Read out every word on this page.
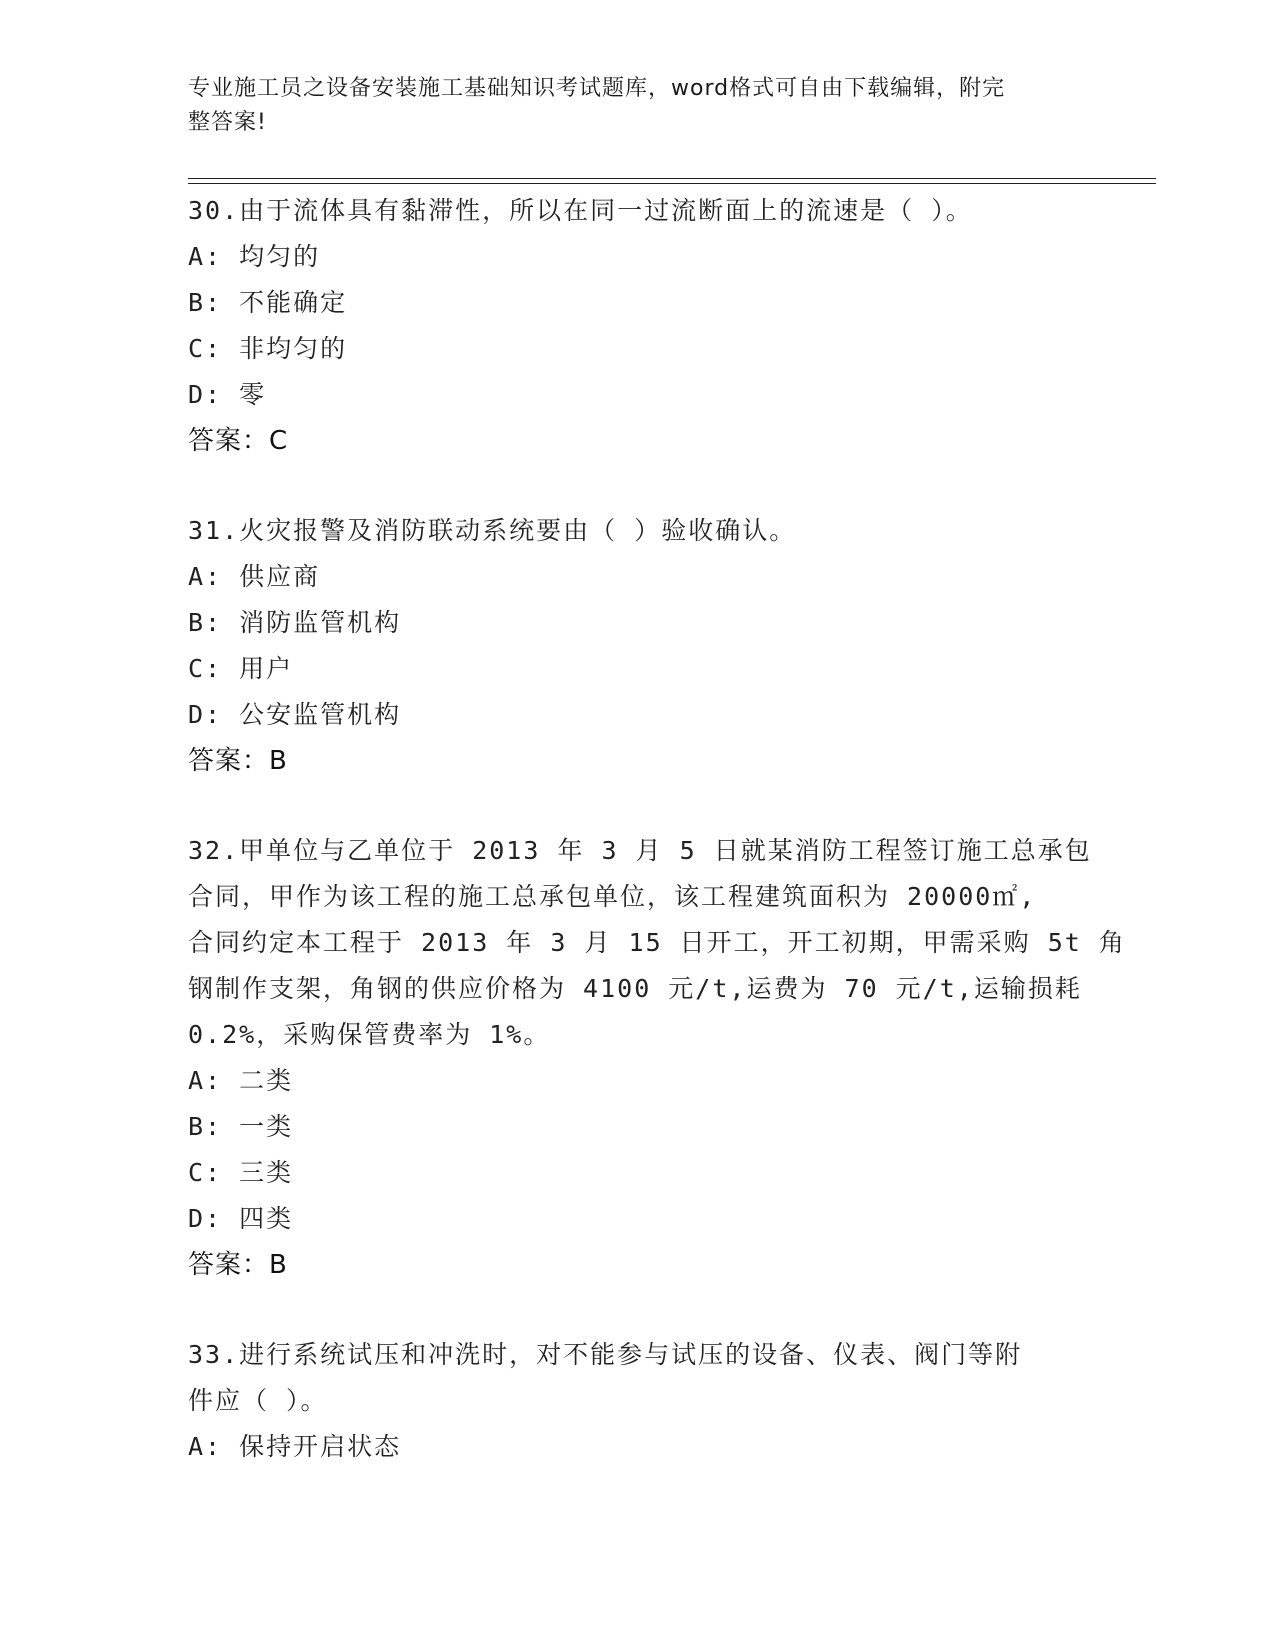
专业施工员之设备安装施工基础知识考试题库，word格式可自由下载编辑，附完
整答案!
30.由于流体具有黏滞性，所以在同一过流断面上的流速是（ ）。
A: 均匀的
B: 不能确定
C: 非均匀的
D: 零
答案：C
31.火灾报警及消防联动系统要由（ ）验收确认。
A: 供应商
B: 消防监管机构
C: 用户
D: 公安监管机构
答案：B
32.甲单位与乙单位于 2013 年 3 月 5 日就某消防工程签订施工总承包
合同，甲作为该工程的施工总承包单位，该工程建筑面积为 20000㎡,
合同约定本工程于 2013 年 3 月 15 日开工，开工初期，甲需采购 5t 角
钢制作支架，角钢的供应价格为 4100 元/t,运费为 70 元/t,运输损耗
0.2%，采购保管费率为 1%。
A: 二类
B: 一类
C: 三类
D: 四类
答案：B
33.进行系统试压和冲洗时，对不能参与试压的设备、仪表、阀门等附
件应（ ）。
A: 保持开启状态
